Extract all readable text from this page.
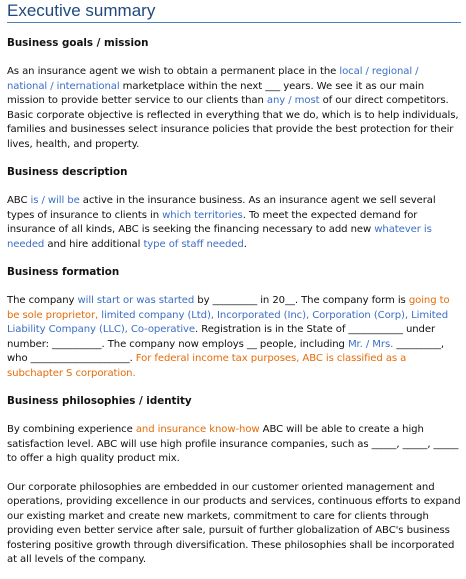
Executive summary
Business goals / mission
As an insurance agent we wish to obtain a permanent place in the local / regional / national / international marketplace within the next ___ years. We see it as our main mission to provide better service to our clients than any / most of our direct competitors. Basic corporate objective is reflected in everything that we do, which is to help individuals, families and businesses select insurance policies that provide the best protection for their lives, health, and property.
Business description
ABC is / will be active in the insurance business. As an insurance agent we sell several types of insurance to clients in which territories. To meet the expected demand for insurance of all kinds, ABC is seeking the financing necessary to add new whatever is needed and hire additional type of staff needed.
Business formation
The company will start or was started by _________ in 20__. The company form is going to be sole proprietor, limited company (Ltd), Incorporated (Inc), Corporation (Corp), Limited Liability Company (LLC), Co-operative. Registration is in the State of ___________ under number: __________. The company now employs __ people, including Mr. / Mrs. _________, who ____________________. For federal income tax purposes, ABC is classified as a subchapter S corporation.
Business philosophies / identity
By combining experience and insurance know-how ABC will be able to create a high satisfaction level. ABC will use high profile insurance companies, such as _____, _____, _____ to offer a high quality product mix.
Our corporate philosophies are embedded in our customer oriented management and operations, providing excellence in our products and services, continuous efforts to expand our existing market and create new markets, commitment to care for clients through providing even better service after sale, pursuit of further globalization of ABC's business fostering positive growth through diversification. These philosophies shall be incorporated at all levels of the company.
